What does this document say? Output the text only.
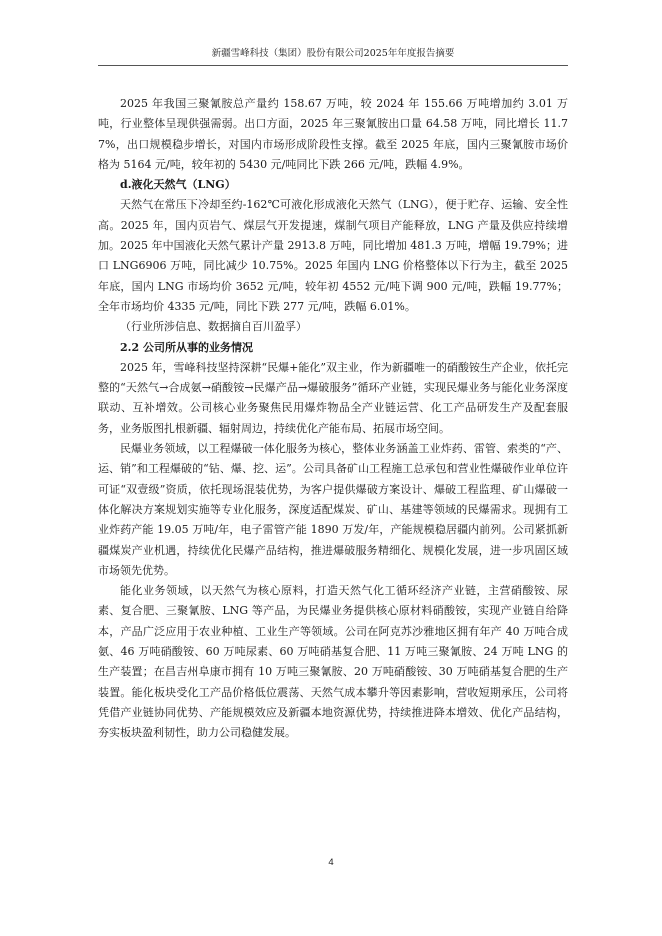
新疆雪峰科技（集团）股份有限公司2025年年度报告摘要

2025 年我国三聚氰胺总产量约 158.67 万吨，较 2024 年 155.66 万吨增加约 3.01 万吨，行业整体呈现供强需弱。出口方面，2025 年三聚氰胺出口量 64.58 万吨，同比增长 11.77%，出口规模稳步增长，对国内市场形成阶段性支撑。截至 2025 年底，国内三聚氰胺市场价格为 5164 元/吨，较年初的 5430 元/吨同比下跌 266 元/吨，跌幅 4.9%。

d.液化天然气（LNG）

天然气在常压下冷却至约-162℃可液化形成液化天然气（LNG），便于贮存、运输、安全性高。2025 年，国内页岩气、煤层气开发提速，煤制气项目产能释放，LNG 产量及供应持续增加。2025 年中国液化天然气累计产量 2913.8 万吨，同比增加 481.3 万吨，增幅 19.79%；进口 LNG6906 万吨，同比减少 10.75%。2025 年国内 LNG 价格整体以下行为主，截至 2025 年底，国内 LNG 市场均价 3652 元/吨，较年初 4552 元/吨下调 900 元/吨，跌幅 19.77%；全年市场均价 4335 元/吨，同比下跌 277 元/吨，跌幅 6.01%。

（行业所涉信息、数据摘自百川盈孚）

2.2 公司所从事的业务情况

2025 年，雪峰科技坚持深耕“民爆+能化”双主业，作为新疆唯一的硝酸铵生产企业，依托完整的“天然气→合成氨→硝酸铵→民爆产品→爆破服务”循环产业链，实现民爆业务与能化业务深度联动、互补增效。公司核心业务聚焦民用爆炸物品全产业链运营、化工产品研发生产及配套服务，业务版图扎根新疆、辐射周边，持续优化产能布局、拓展市场空间。

民爆业务领域，以工程爆破一体化服务为核心，整体业务涵盖工业炸药、雷管、索类的“产、运、销”和工程爆破的“钻、爆、挖、运”。公司具备矿山工程施工总承包和营业性爆破作业单位许可证“双壹级”资质，依托现场混装优势，为客户提供爆破方案设计、爆破工程监理、矿山爆破一体化解决方案规划实施等专业化服务，深度适配煤炭、矿山、基建等领域的民爆需求。现拥有工业炸药产能 19.05 万吨/年，电子雷管产能 1890 万发/年，产能规模稳居疆内前列。公司紧抓新疆煤炭产业机遇，持续优化民爆产品结构，推进爆破服务精细化、规模化发展，进一步巩固区域市场领先优势。

能化业务领域，以天然气为核心原料，打造天然气化工循环经济产业链，主营硝酸铵、尿素、复合肥、三聚氰胺、LNG 等产品，为民爆业务提供核心原材料硝酸铵，实现产业链自给降本，产品广泛应用于农业种植、工业生产等领域。公司在阿克苏沙雅地区拥有年产 40 万吨合成氨、46 万吨硝酸铵、60 万吨尿素、60 万吨硝基复合肥、11 万吨三聚氰胺、24 万吨 LNG 的生产装置；在昌吉州阜康市拥有 10 万吨三聚氰胺、20 万吨硝酸铵、30 万吨硝基复合肥的生产装置。能化板块受化工产品价格低位震荡、天然气成本攀升等因素影响，营收短期承压，公司将凭借产业链协同优势、产能规模效应及新疆本地资源优势，持续推进降本增效、优化产品结构，夯实板块盈利韧性，助力公司稳健发展。

4
